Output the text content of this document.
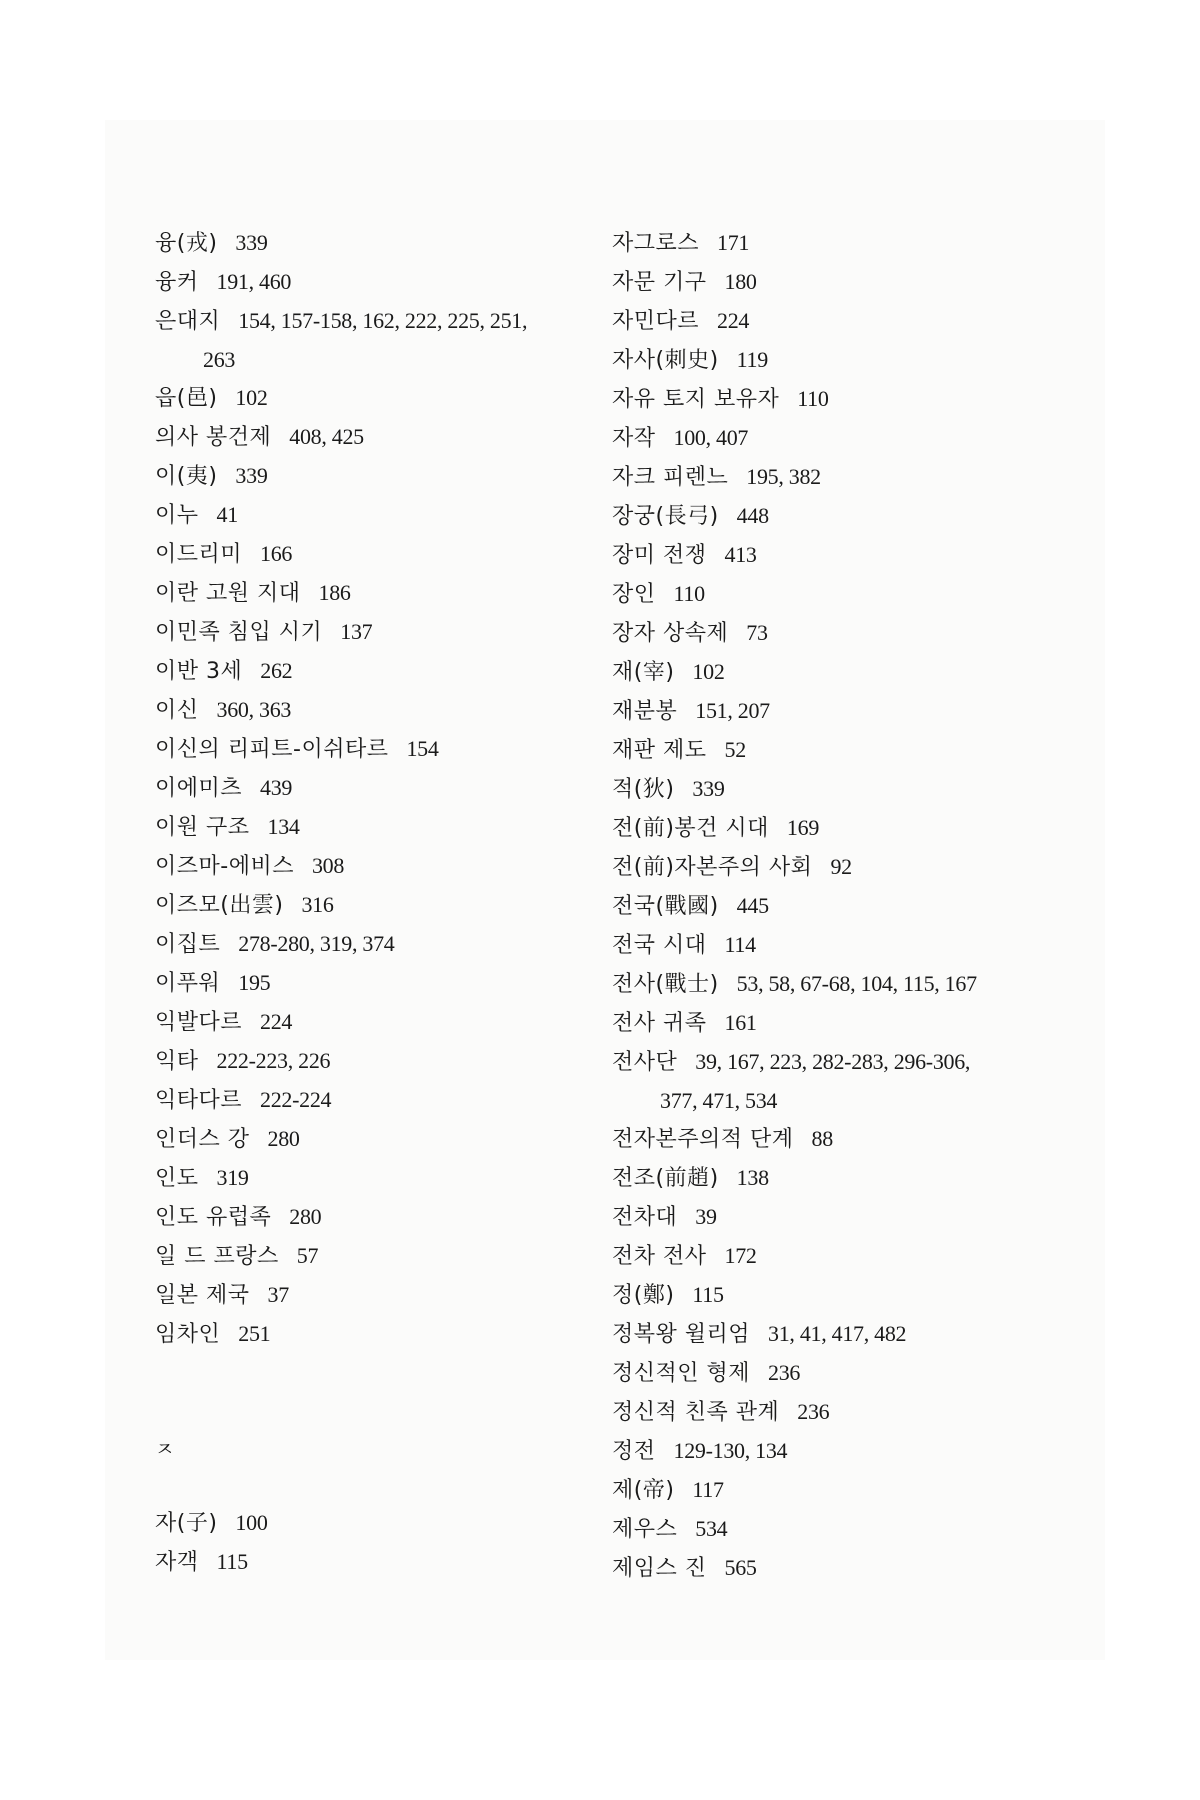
융(戎) 339
융커 191, 460
은대지 154, 157-158, 162, 222, 225, 251,
263
읍(邑) 102
의사 봉건제 408, 425
이(夷) 339
이누 41
이드리미 166
이란 고원 지대 186
이민족 침입 시기 137
이반 3세 262
이신 360, 363
이신의 리피트-이쉬타르 154
이에미츠 439
이원 구조 134
이즈마-에비스 308
이즈모(出雲) 316
이집트 278-280, 319, 374
이푸워 195
익발다르 224
익타 222-223, 226
익타다르 222-224
인더스 강 280
인도 319
인도 유럽족 280
일 드 프랑스 57
일본 제국 37
임차인 251
ㅈ
자(子) 100
자객 115
자그로스 171
자문 기구 180
자민다르 224
자사(刺史) 119
자유 토지 보유자 110
자작 100, 407
자크 피렌느 195, 382
장궁(長弓) 448
장미 전쟁 413
장인 110
장자 상속제 73
재(宰) 102
재분봉 151, 207
재판 제도 52
적(狄) 339
전(前)봉건 시대 169
전(前)자본주의 사회 92
전국(戰國) 445
전국 시대 114
전사(戰士) 53, 58, 67-68, 104, 115, 167
전사 귀족 161
전사단 39, 167, 223, 282-283, 296-306,
377, 471, 534
전자본주의적 단계 88
전조(前趙) 138
전차대 39
전차 전사 172
정(鄭) 115
정복왕 윌리엄 31, 41, 417, 482
정신적인 형제 236
정신적 친족 관계 236
정전 129-130, 134
제(帝) 117
제우스 534
제임스 진 565
